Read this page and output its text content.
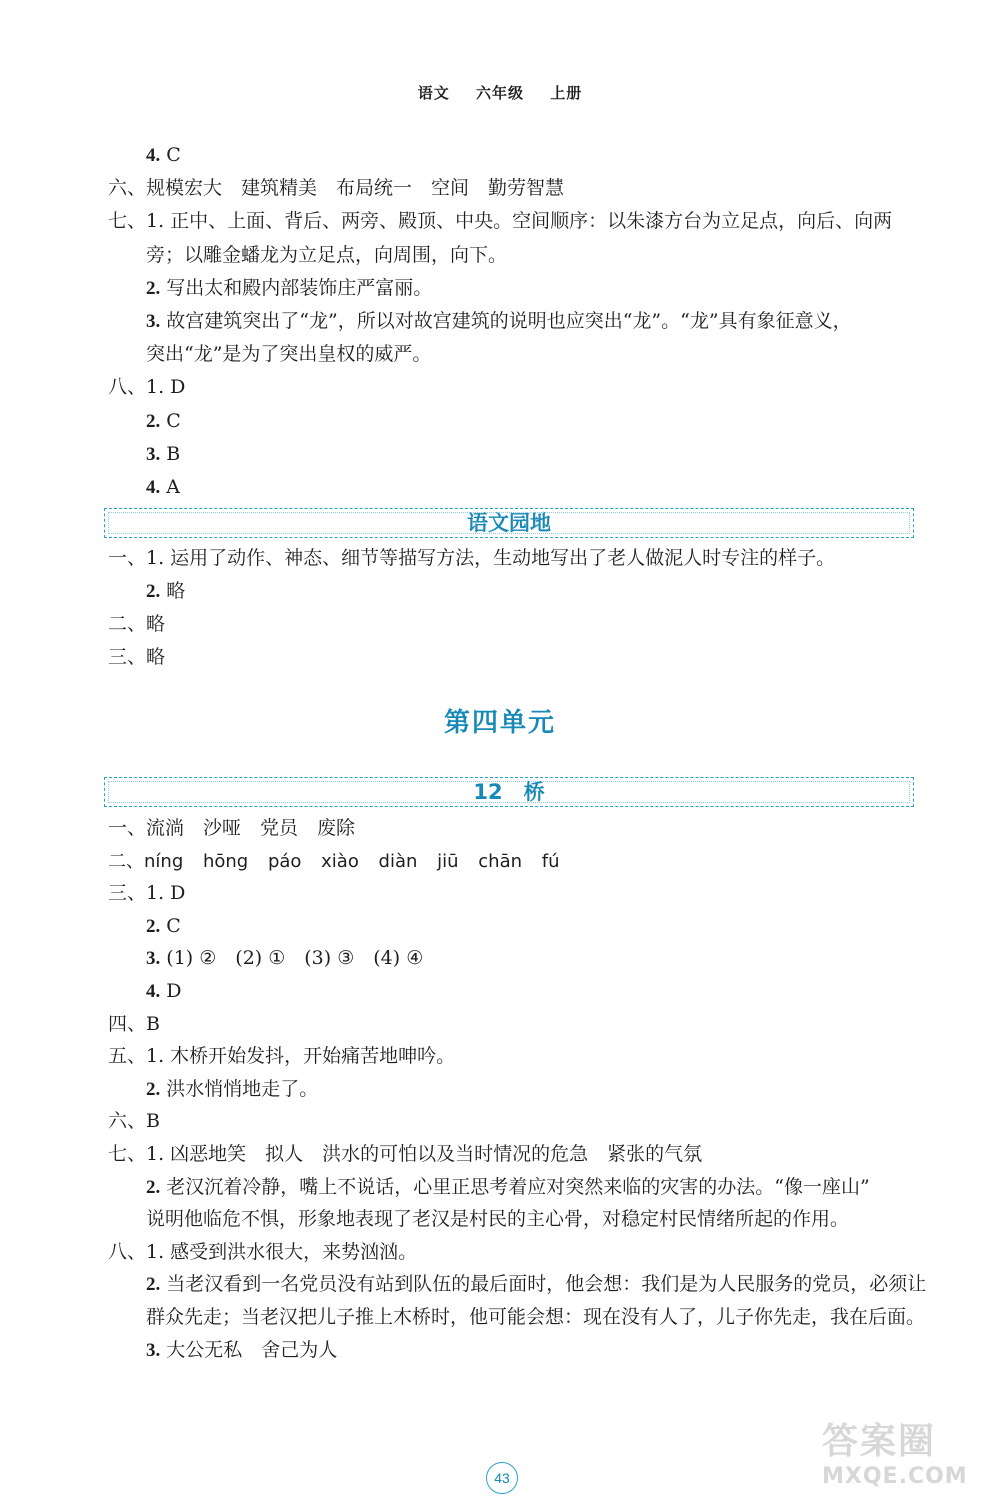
语文 六年级 上册
4. C
六、规模宏大　建筑精美　布局统一　空间　勤劳智慧
七、1. 正中、上面、背后、两旁、殿顶、中央。空间顺序：以朱漆方台为立足点，向后、向两
旁；以雕金蟠龙为立足点，向周围，向下。
2. 写出太和殿内部装饰庄严富丽。
3. 故宫建筑突出了“龙”，所以对故宫建筑的说明也应突出“龙”。“龙”具有象征意义，
突出“龙”是为了突出皇权的威严。
八、1. D
2. C
3. B
4. A
语文园地
一、1. 运用了动作、神态、细节等描写方法，生动地写出了老人做泥人时专注的样子。
2. 略
二、略
三、略
第四单元
12　桥
一、流淌　沙哑　党员　废除
二、níng hōng páo xiào diàn jiū chān fú
三、1. D
2. C
3. (1) ②　(2) ①　(3) ③　(4) ④
4. D
四、B
五、1. 木桥开始发抖，开始痛苦地呻吟。
2. 洪水悄悄地走了。
六、B
七、1. 凶恶地笑　拟人　洪水的可怕以及当时情况的危急　紧张的气氛
2. 老汉沉着冷静，嘴上不说话，心里正思考着应对突然来临的灾害的办法。“像一座山”
说明他临危不惧，形象地表现了老汉是村民的主心骨，对稳定村民情绪所起的作用。
八、1. 感受到洪水很大，来势汹汹。
2. 当老汉看到一名党员没有站到队伍的最后面时，他会想：我们是为人民服务的党员，必须让
群众先走；当老汉把儿子推上木桥时，他可能会想：现在没有人了，儿子你先走，我在后面。
3. 大公无私　舍己为人
43
答案圈
MXQE.COM
